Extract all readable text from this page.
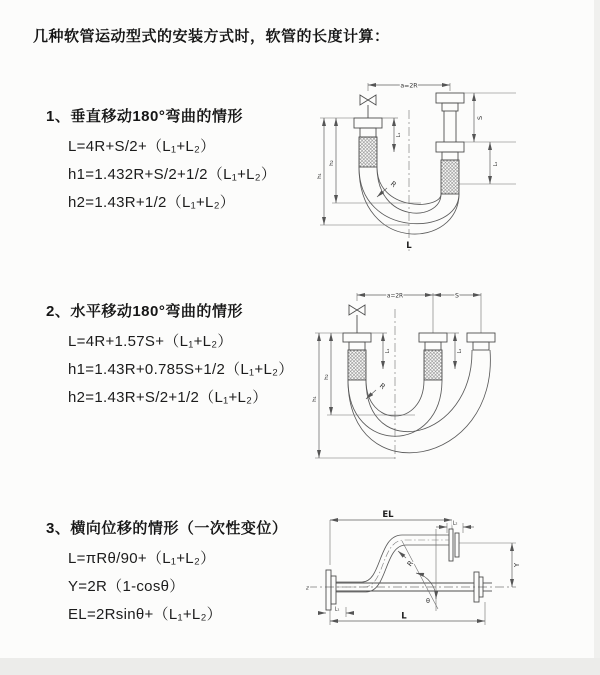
几种软管运动型式的安装方式时，软管的长度计算：
1、垂直移动180°弯曲的情形
L=4R+S/2+（L₁+L₂）
h1=1.432R+S/2+1/2（L₁+L₂）
h2=1.43R+1/2（L₁+L₂）
a=2R
h₁
h₂
L₁
S
L₂
R
L
2、水平移动180°弯曲的情形
L=4R+1.57S+（L₁+L₂）
h1=1.43R+0.785S+1/2（L₁+L₂）
h2=1.43R+S/2+1/2（L₁+L₂）
a=2R	S
h₁
h₂
L₁	L₂
R
3、横向位移的情形（一次性变位）
L=πRθ/90+（L₁+L₂）
Y=2R（1-cosθ）
EL=2Rsinθ+（L₁+L₂）
z
EL
L₂
Y
θ
R
L₁
L
